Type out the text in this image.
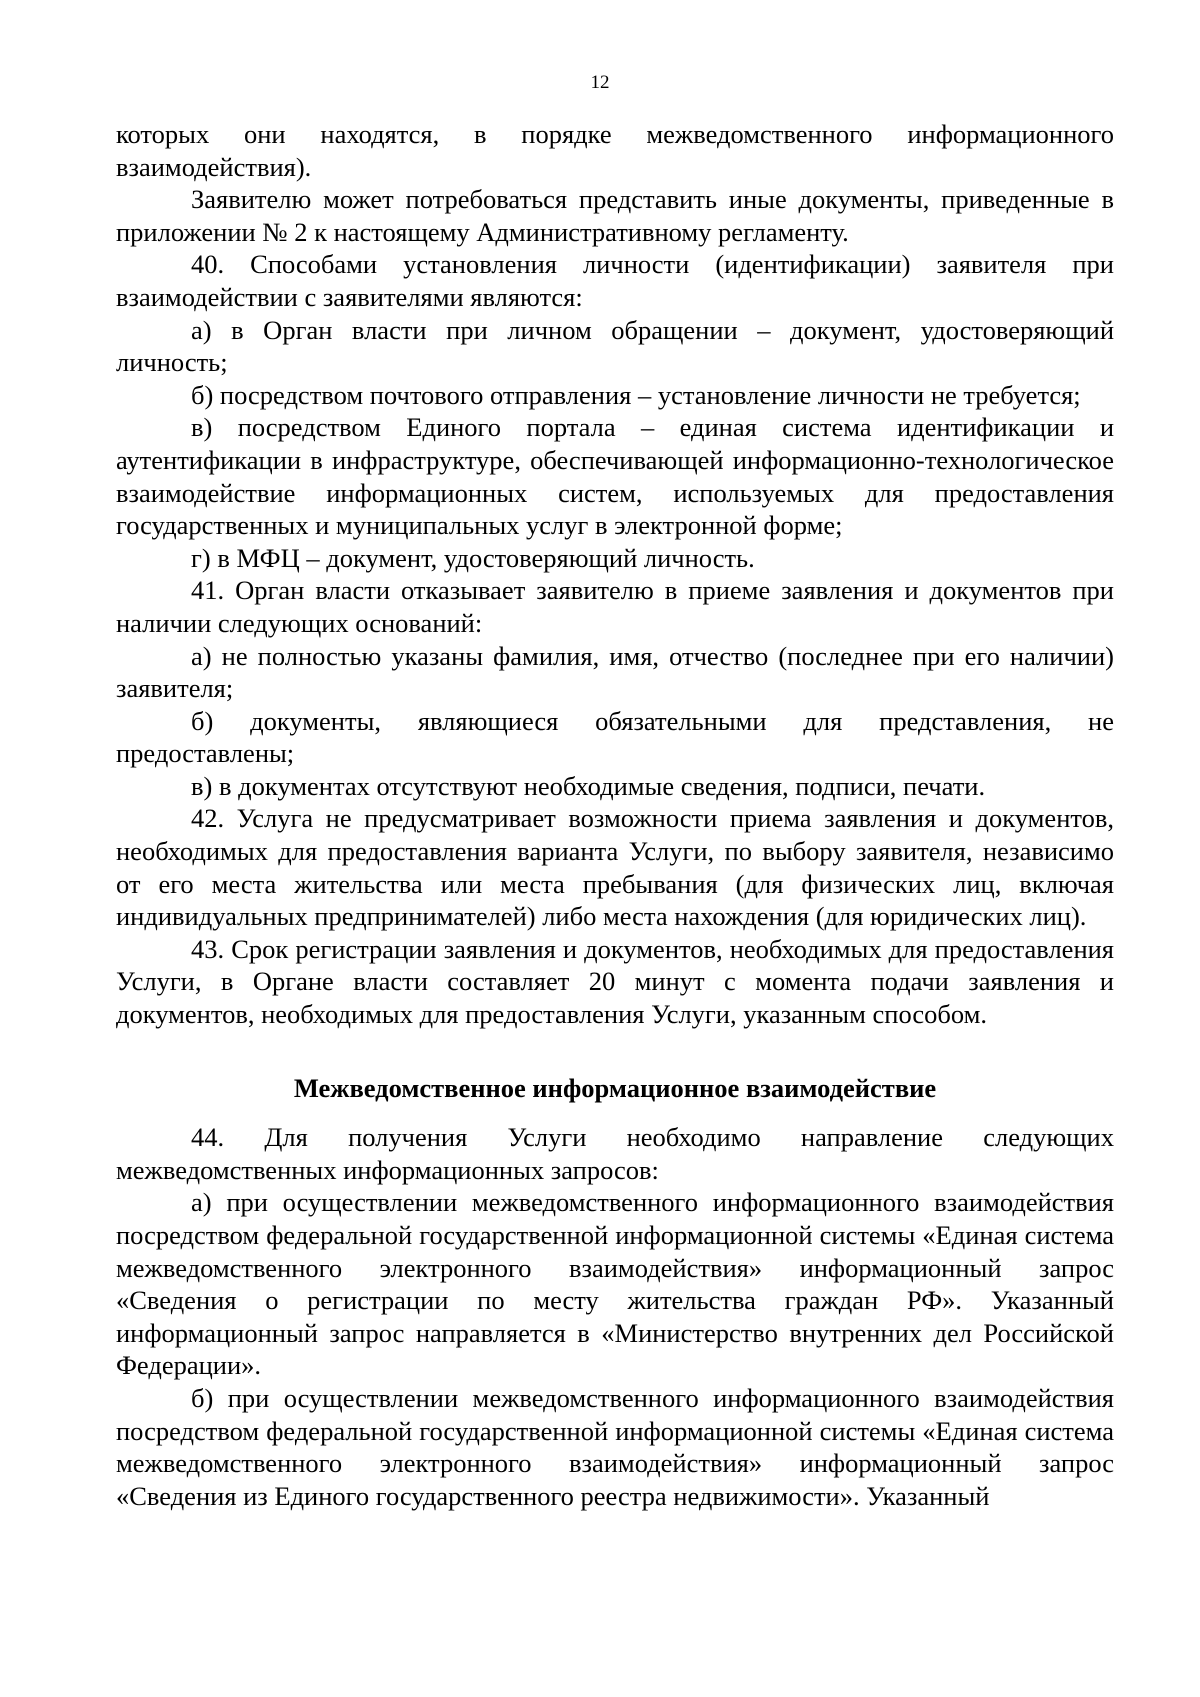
12

которых они находятся, в порядке межведомственного информационного взаимодействия).

Заявителю может потребоваться представить иные документы, приведенные в приложении № 2 к настоящему Административному регламенту.

40. Способами установления личности (идентификации) заявителя при взаимодействии с заявителями являются:

а) в Орган власти при личном обращении – документ, удостоверяющий личность;

б) посредством почтового отправления – установление личности не требуется;

в) посредством Единого портала – единая система идентификации и аутентификации в инфраструктуре, обеспечивающей информационно-технологическое взаимодействие информационных систем, используемых для предоставления государственных и муниципальных услуг в электронной форме;

г) в МФЦ – документ, удостоверяющий личность.

41. Орган власти отказывает заявителю в приеме заявления и документов при наличии следующих оснований:

а) не полностью указаны фамилия, имя, отчество (последнее при его наличии) заявителя;

б) документы, являющиеся обязательными для представления, не предоставлены;

в) в документах отсутствуют необходимые сведения, подписи, печати.

42. Услуга не предусматривает возможности приема заявления и документов, необходимых для предоставления варианта Услуги, по выбору заявителя, независимо от его места жительства или места пребывания (для физических лиц, включая индивидуальных предпринимателей) либо места нахождения (для юридических лиц).

43. Срок регистрации заявления и документов, необходимых для предоставления Услуги, в Органе власти составляет 20 минут с момента подачи заявления и документов, необходимых для предоставления Услуги, указанным способом.

Межведомственное информационное взаимодействие

44. Для получения Услуги необходимо направление следующих межведомственных информационных запросов:

а) при осуществлении межведомственного информационного взаимодействия посредством федеральной государственной информационной системы «Единая система межведомственного электронного взаимодействия» информационный запрос «Сведения о регистрации по месту жительства граждан РФ». Указанный информационный запрос направляется в «Министерство внутренних дел Российской Федерации».

б) при осуществлении межведомственного информационного взаимодействия посредством федеральной государственной информационной системы «Единая система межведомственного электронного взаимодействия» информационный запрос «Сведения из Единого государственного реестра недвижимости». Указанный
